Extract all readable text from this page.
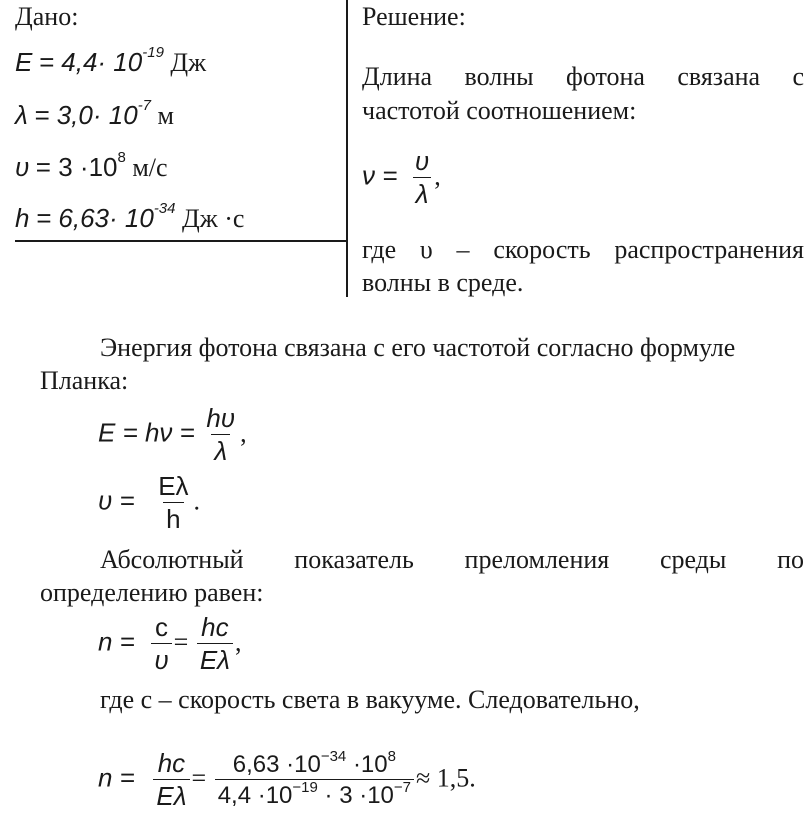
Дано:
$E = 4,4\cdot 10^{-19}$ Дж
$\lambda = 3,0\cdot 10^{-7}$ м
$\upsilon = 3 \cdot 10^8$ м/с
$h = 6,63\cdot 10^{-34}$ Дж ·с
Решение:
Длина волны фотона связана с
частотой соотношением:
$\nu = \frac{\upsilon}{\lambda}$ ,
где υ – скорость распространения
волны в среде.
Энергия фотона связана с его частотой согласно формуле
Планка:
$E = h\nu = \frac{h\upsilon}{\lambda}$ ,
$\upsilon = \frac{E\lambda}{h}$ .
Абсолютный показатель преломления среды по
определению равен:
$n = \frac{c}{\upsilon} = \frac{hc}{E\lambda}$ ,
где c – скорость света в вакууме. Следовательно,
$n = \frac{hc}{E\lambda} = \frac{6,63 \cdot 10^{-34} \cdot 10^8}{4,4 \cdot 10^{-19} \cdot 3 \cdot 10^{-7}} \approx 1,5$.
